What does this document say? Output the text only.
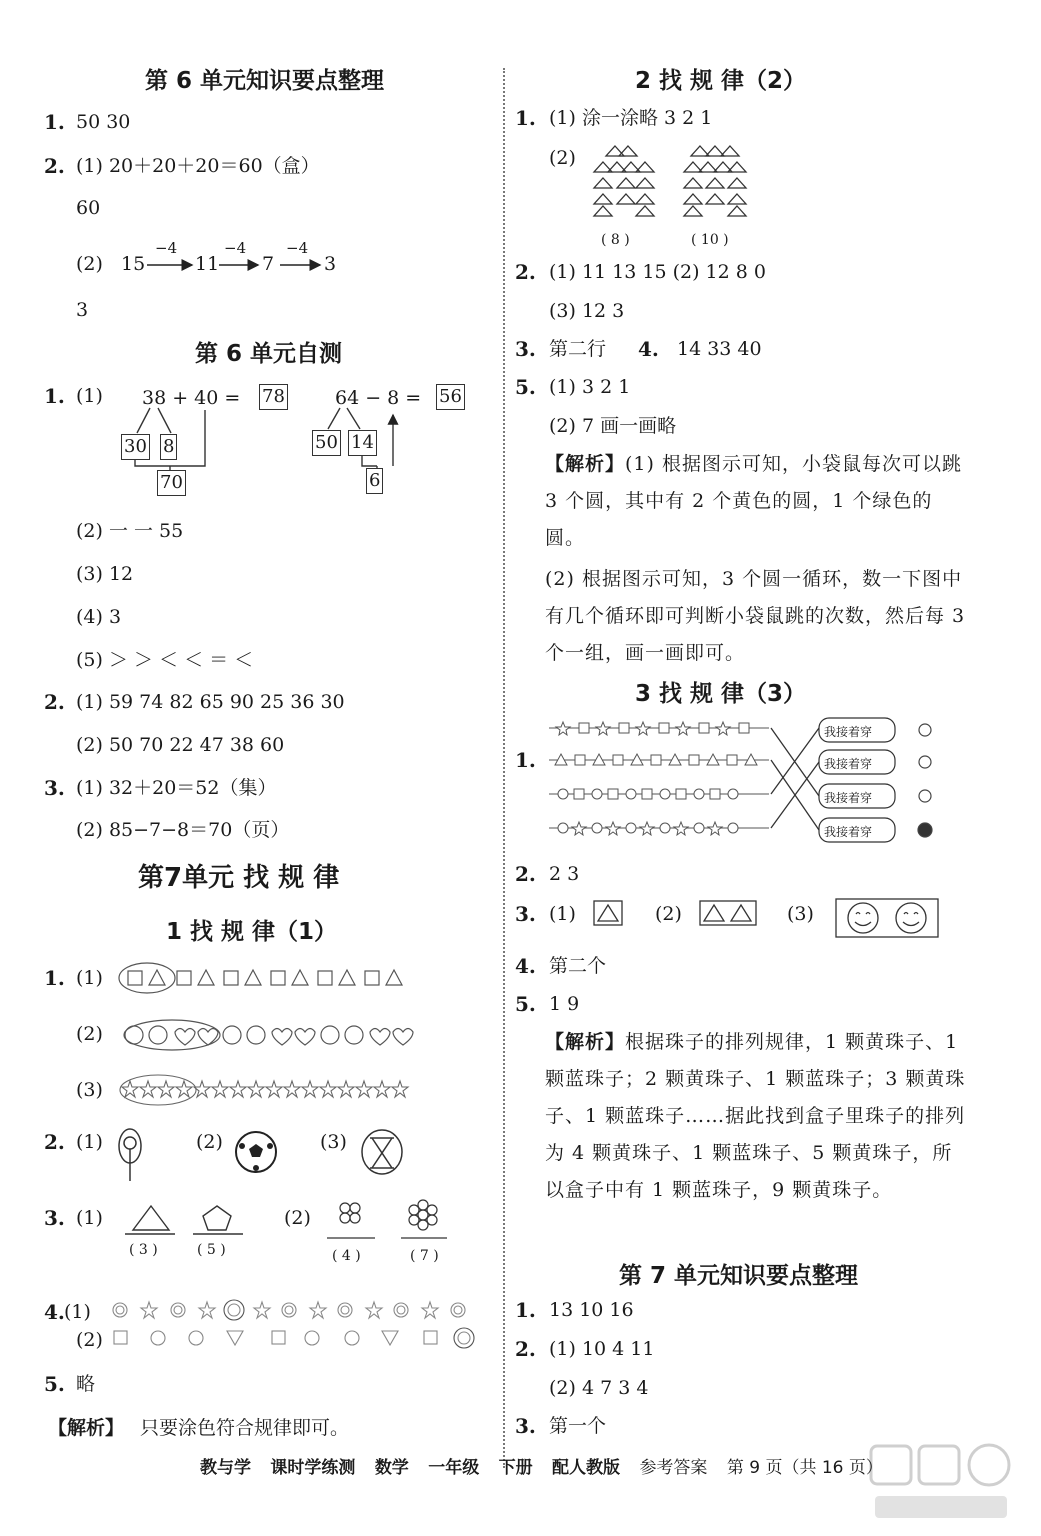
第 6 单元知识要点整理
1. 50 30
2. (1) 20＋20＋20＝60（盒）
60
(2) 15	11 7	3
−4	−4	−4
3
第 6 单元自测
1. (1) 38 + 40 = 78
30 8
70
64 − 8 = 56
50 14
6
(2) 一 一 55
(3) 12
(4) 3
(5) ＞ ＞ ＜ ＜ ＝ ＜
2. (1) 59 74 82 65 90 25 36 30
(2) 50 70 22 47 38 60
3. (1) 32＋20＝52（集）
(2) 85−7−8＝70（页）
第7单元 找 规 律
1 找 规 律（1）
1. (1)
(2)
(3)
2. (1)	(2)	(3)
3. (1)
( 3 )	( 5 )
(2)
( 4 )	( 7 )
4. (1)
(2)
5. 略
【解析】 只要涂色符合规律即可。
2 找 规 律（2）
1. (1) 涂一涂略 3 2 1
(2)
( 8 )	( 10 )
2. (1) 11 13 15 (2) 12 8 0
(3) 12 3
3. 第二行 4. 14 33 40
5. (1) 3 2 1
(2) 7 画一画略
【解析】(1) 根据图示可知，小袋鼠每次可以跳 3 个圆，其中有 2 个黄色的圆，1 个绿色的圆。
(2) 根据图示可知，3 个圆一循环，数一下图中有几个循环即可判断小袋鼠跳的次数，然后每 3 个一组，画一画即可。
3 找 规 律（3）
1.
我接着穿
我接着穿
我接着穿
我接着穿
2. 2 3
3. (1)	(2)	(3)
4. 第二个
5. 1 9
【解析】根据珠子的排列规律，1 颗黄珠子、1 颗蓝珠子；2 颗黄珠子、1 颗蓝珠子；3 颗黄珠子、1 颗蓝珠子……据此找到盒子里珠子的排列为 4 颗黄珠子、1 颗蓝珠子、5 颗黄珠子，所以盒子中有 1 颗蓝珠子，9 颗黄珠子。
第 7 单元知识要点整理
1. 13 10 16
2. (1) 10 4 11
(2) 4 7 3 4
3. 第一个
教与学 课时学练测 数学 一年级 下册 配人教版 参考答案 第 9 页（共 16 页）
